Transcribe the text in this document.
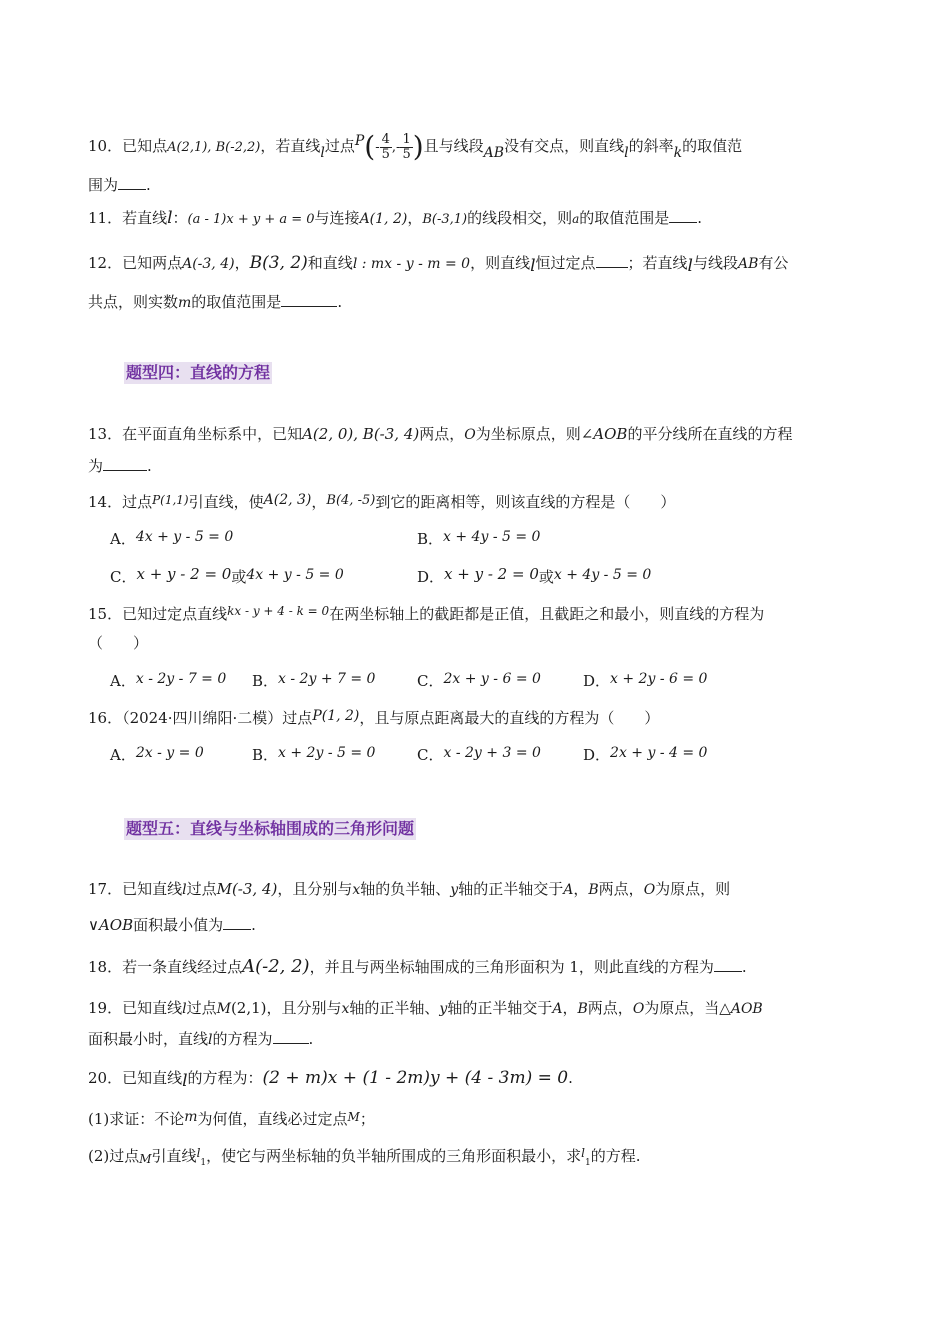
10．已知点A(2,1), B(-2,2)，若直线l过点$P(- \frac{4}{5}$ ,- $\frac{1}{5}$ )且与线段AB没有交点，则直线l的斜率k的取值范
围为 .
11．若直线l：(a - 1)x + y + a = 0与连接A(1, 2)，B(-3,1)的线段相交，则a的取值范围是 .
12．已知两点A(-3, 4)，B(3, 2)和直线l : mx - y - m = 0，则直线l恒过定点 ；若直线l与线段AB有公
共点，则实数m的取值范围是	.
题型四：直线的方程
13．在平面直角坐标系中，已知A(2, 0), B(-3, 4)两点，O为坐标原点，则∠AOB的平分线所在直线的方程
为	.
14．过点$^{P(1,1)}$引直线，使A(2, 3)，B(4, -5)到它的距离相等，则该直线的方程是（　　）
A．4x + y - 5 = 0	B．x + 4y - 5 = 0
C．x + y - 2 = 0或4x + y - 5 = 0	D．x + y - 2 = 0或x + 4y - 5 = 0
15．已知过定点直线$^{kx - y + 4 - k = 0}$在两坐标轴上的截距都是正值，且截距之和最小，则直线的方程为
（　　）
A．x - 2y - 7 = 0 B．x - 2y + 7 = 0	C．2x + y - 6 = 0	D．x + 2y - 6 = 0
16．（2024·四川绵阳·二模）过点P(1, 2)，且与原点距离最大的直线的方程为（　　）
A．2x - y = 0	B．x + 2y - 5 = 0	C．x - 2y + 3 = 0	D．2x + y - 4 = 0
题型五：直线与坐标轴围成的三角形问题
17．已知直线l过点M(-3, 4)，且分别与x轴的负半轴、y轴的正半轴交于A，B两点，O为原点，则
∨AOB面积最小值为 .
18．若一条直线经过点A(-2, 2)，并且与两坐标轴围成的三角形面积为 1，则此直线的方程为 .
19．已知直线l过点M(2,1)，且分别与x轴的正半轴、y轴的正半轴交于A，B两点，O为原点，当△AOB
面积最小时，直线l的方程为 .
20．已知直线l的方程为：(2 + m)x + (1 - 2m)y + (4 - 3m) = 0.
(1)求证：不论m为何值，直线必过定点$^M$；
(2)过点M引直线$^l_1$，使它与两坐标轴的负半轴所围成的三角形面积最小，求$^l_1$的方程.
